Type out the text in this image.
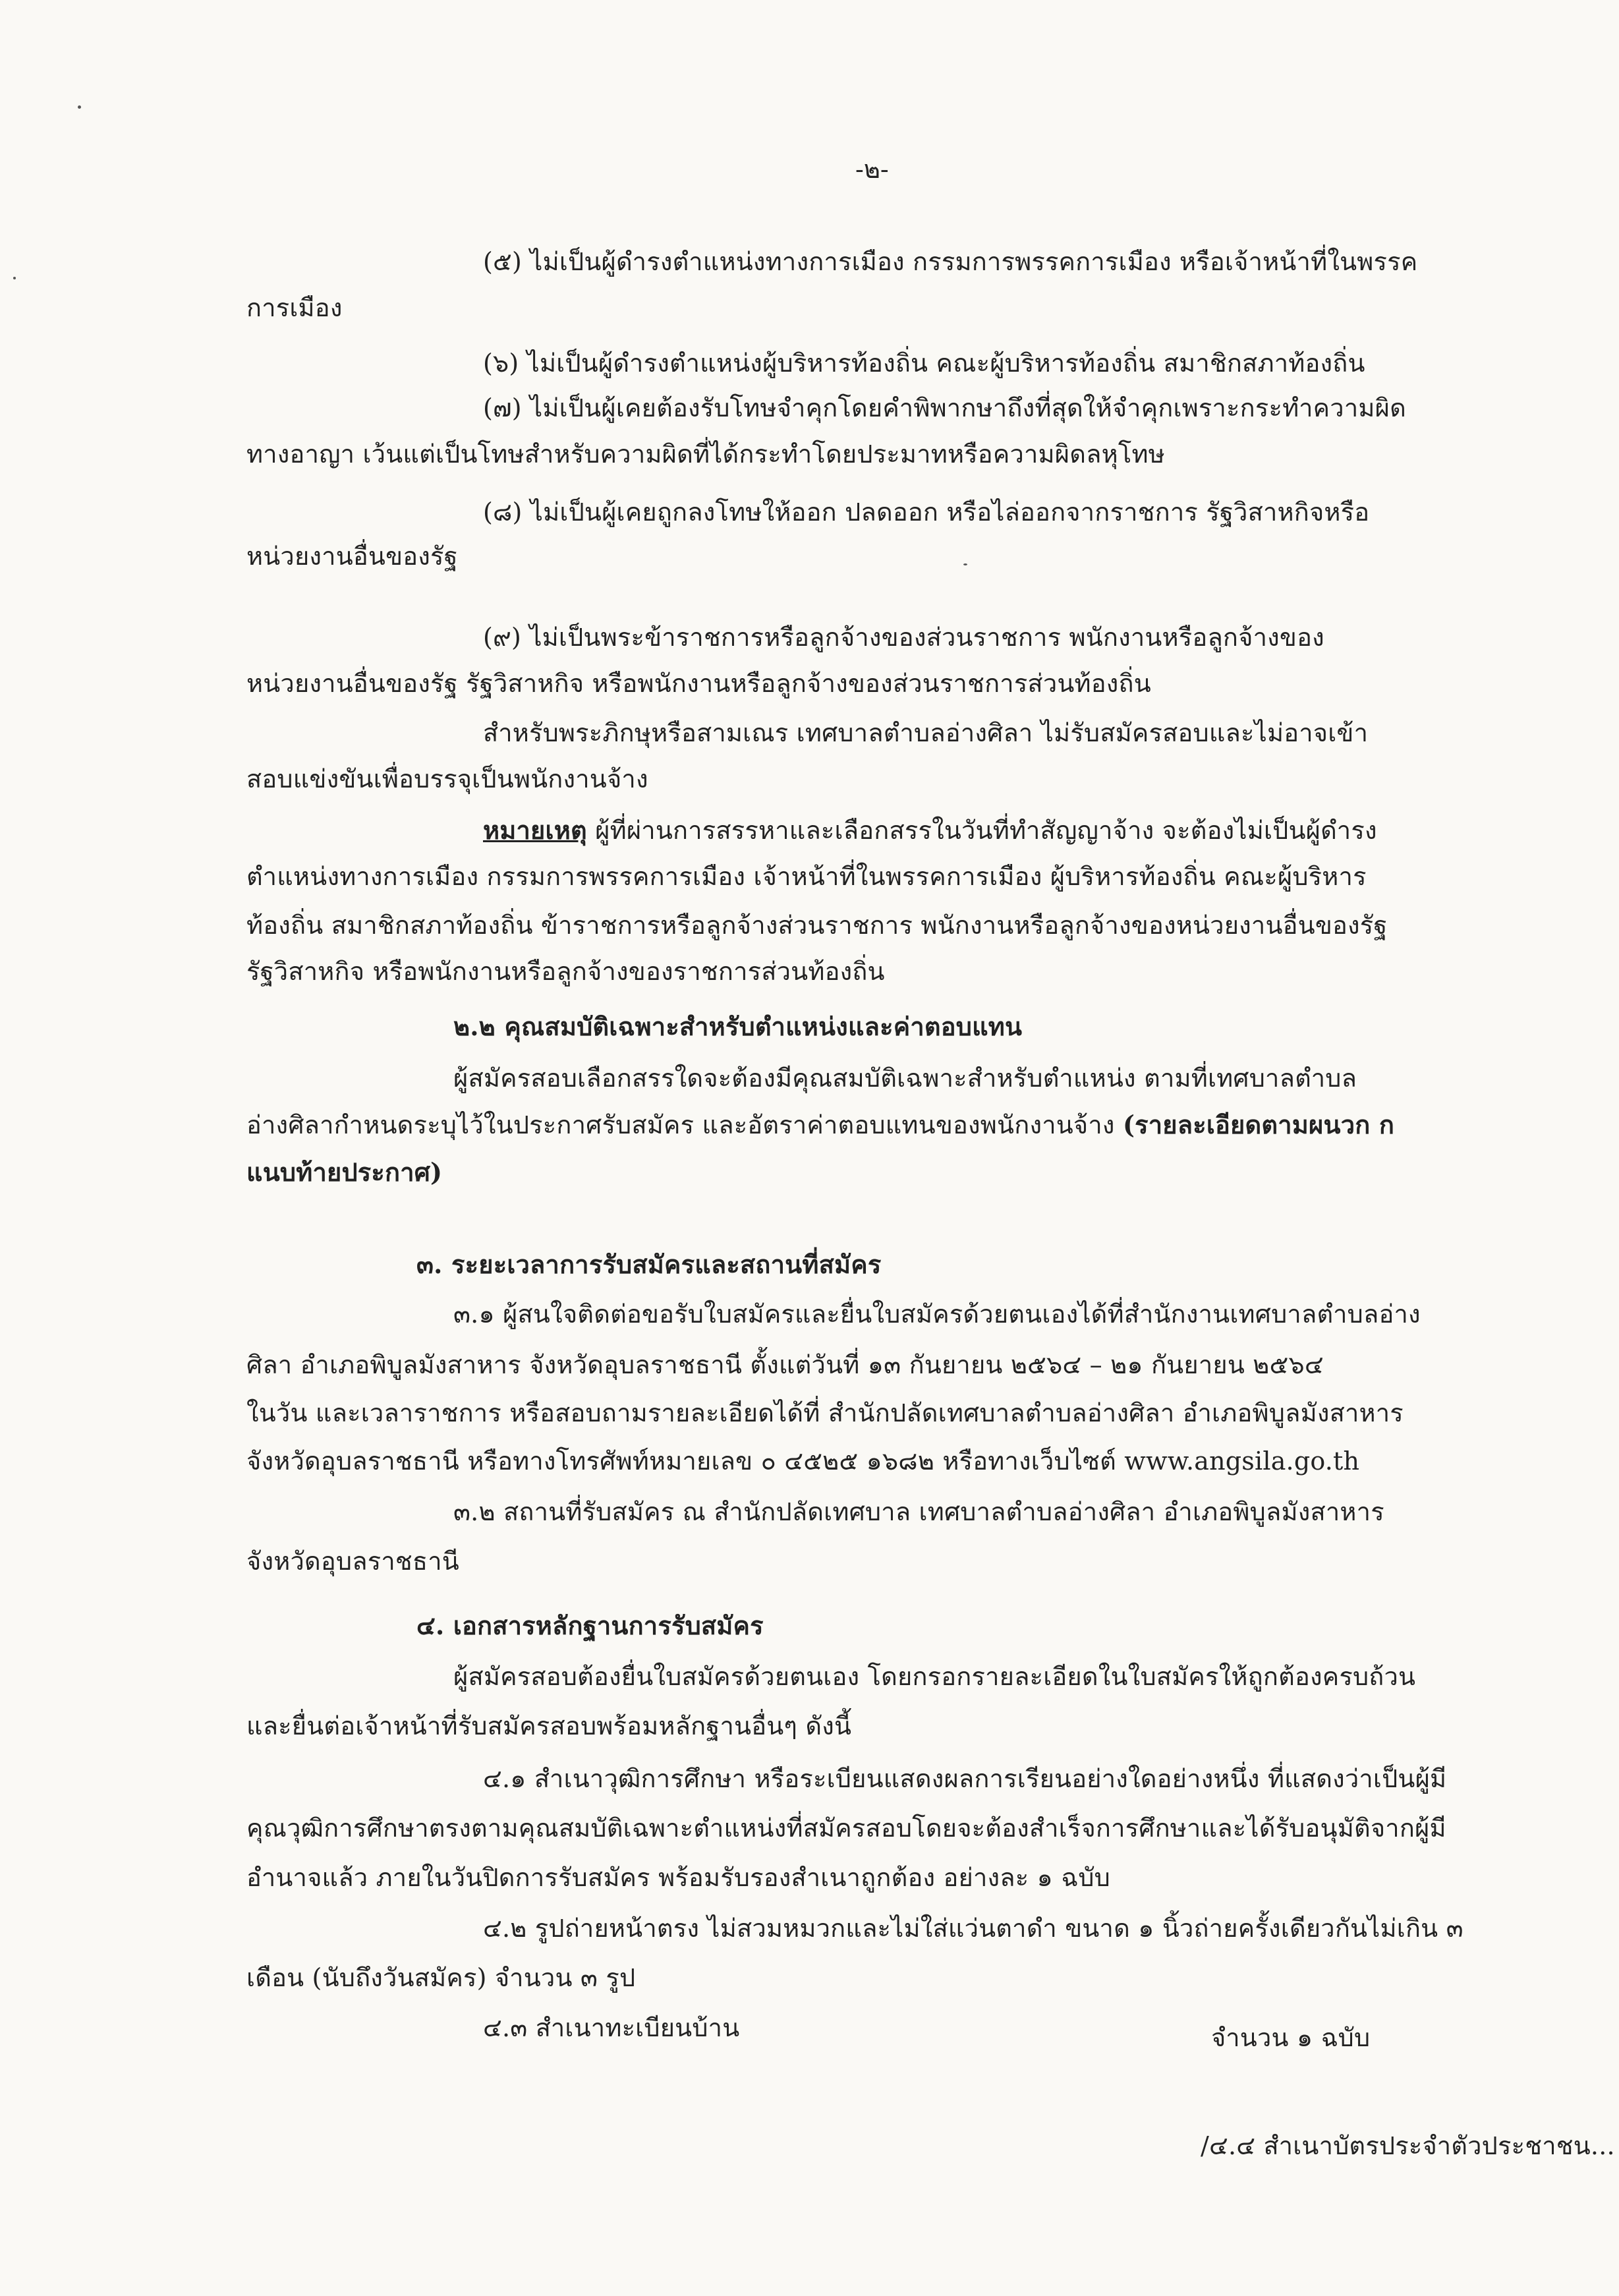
-๒-
(๕) ไม่เป็นผู้ดำรงตำแหน่งทางการเมือง กรรมการพรรคการเมือง หรือเจ้าหน้าที่ในพรรค
การเมือง
(๖) ไม่เป็นผู้ดำรงตำแหน่งผู้บริหารท้องถิ่น คณะผู้บริหารท้องถิ่น สมาชิกสภาท้องถิ่น
(๗) ไม่เป็นผู้เคยต้องรับโทษจำคุกโดยคำพิพากษาถึงที่สุดให้จำคุกเพราะกระทำความผิด
ทางอาญา เว้นแต่เป็นโทษสำหรับความผิดที่ได้กระทำโดยประมาทหรือความผิดลหุโทษ
(๘) ไม่เป็นผู้เคยถูกลงโทษให้ออก ปลดออก หรือไล่ออกจากราชการ รัฐวิสาหกิจหรือ
หน่วยงานอื่นของรัฐ
(๙) ไม่เป็นพระข้าราชการหรือลูกจ้างของส่วนราชการ พนักงานหรือลูกจ้างของ
หน่วยงานอื่นของรัฐ รัฐวิสาหกิจ หรือพนักงานหรือลูกจ้างของส่วนราชการส่วนท้องถิ่น
สำหรับพระภิกษุหรือสามเณร เทศบาลตำบลอ่างศิลา ไม่รับสมัครสอบและไม่อาจเข้า
สอบแข่งขันเพื่อบรรจุเป็นพนักงานจ้าง
หมายเหตุ ผู้ที่ผ่านการสรรหาและเลือกสรรในวันที่ทำสัญญาจ้าง จะต้องไม่เป็นผู้ดำรง
ตำแหน่งทางการเมือง กรรมการพรรคการเมือง เจ้าหน้าที่ในพรรคการเมือง ผู้บริหารท้องถิ่น คณะผู้บริหาร
ท้องถิ่น สมาชิกสภาท้องถิ่น ข้าราชการหรือลูกจ้างส่วนราชการ พนักงานหรือลูกจ้างของหน่วยงานอื่นของรัฐ
รัฐวิสาหกิจ หรือพนักงานหรือลูกจ้างของราชการส่วนท้องถิ่น
๒.๒ คุณสมบัติเฉพาะสำหรับตำแหน่งและค่าตอบแทน
ผู้สมัครสอบเลือกสรรใดจะต้องมีคุณสมบัติเฉพาะสำหรับตำแหน่ง ตามที่เทศบาลตำบล
อ่างศิลากำหนดระบุไว้ในประกาศรับสมัคร และอัตราค่าตอบแทนของพนักงานจ้าง (รายละเอียดตามผนวก ก
แนบท้ายประกาศ)
๓. ระยะเวลาการรับสมัครและสถานที่สมัคร
๓.๑ ผู้สนใจติดต่อขอรับใบสมัครและยื่นใบสมัครด้วยตนเองได้ที่สำนักงานเทศบาลตำบลอ่าง
ศิลา อำเภอพิบูลมังสาหาร จังหวัดอุบลราชธานี ตั้งแต่วันที่ ๑๓ กันยายน ๒๕๖๔ – ๒๑ กันยายน ๒๕๖๔
ในวัน และเวลาราชการ หรือสอบถามรายละเอียดได้ที่ สำนักปลัดเทศบาลตำบลอ่างศิลา อำเภอพิบูลมังสาหาร
จังหวัดอุบลราชธานี หรือทางโทรศัพท์หมายเลข ๐ ๔๕๒๕ ๑๖๘๒ หรือทางเว็บไซต์ www.angsila.go.th
๓.๒ สถานที่รับสมัคร ณ สำนักปลัดเทศบาล เทศบาลตำบลอ่างศิลา อำเภอพิบูลมังสาหาร
จังหวัดอุบลราชธานี
๔. เอกสารหลักฐานการรับสมัคร
ผู้สมัครสอบต้องยื่นใบสมัครด้วยตนเอง โดยกรอกรายละเอียดในใบสมัครให้ถูกต้องครบถ้วน
และยื่นต่อเจ้าหน้าที่รับสมัครสอบพร้อมหลักฐานอื่นๆ ดังนี้
๔.๑ สำเนาวุฒิการศึกษา หรือระเบียนแสดงผลการเรียนอย่างใดอย่างหนึ่ง ที่แสดงว่าเป็นผู้มี
คุณวุฒิการศึกษาตรงตามคุณสมบัติเฉพาะตำแหน่งที่สมัครสอบโดยจะต้องสำเร็จการศึกษาและได้รับอนุมัติจากผู้มี
อำนาจแล้ว ภายในวันปิดการรับสมัคร พร้อมรับรองสำเนาถูกต้อง อย่างละ ๑ ฉบับ
๔.๒ รูปถ่ายหน้าตรง ไม่สวมหมวกและไม่ใส่แว่นตาดำ ขนาด ๑ นิ้วถ่ายครั้งเดียวกันไม่เกิน ๓
เดือน (นับถึงวันสมัคร) จำนวน ๓ รูป
๔.๓ สำเนาทะเบียนบ้าน	จำนวน ๑ ฉบับ
/๔.๔ สำเนาบัตรประจำตัวประชาชน...
